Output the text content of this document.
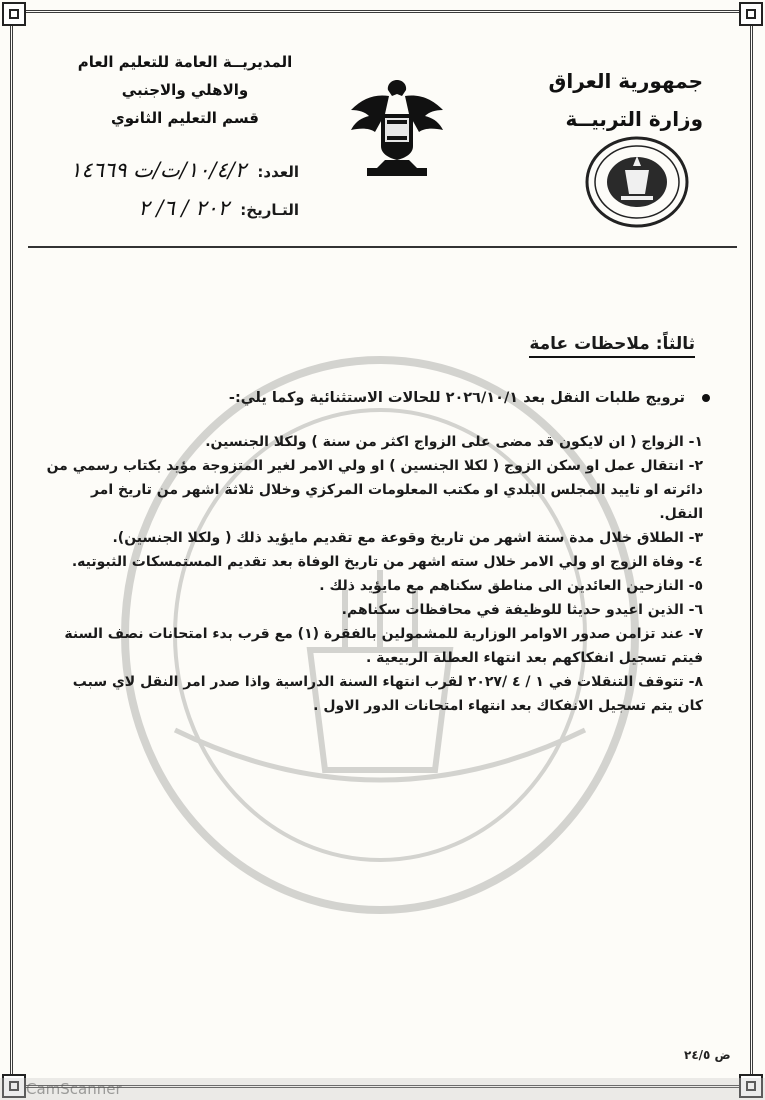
جمهورية العراق
وزارة التربيــة
المديريــة العامة للتعليم العام
والاهلي والاجنبي
قسم التعليم الثانوي
العدد: ١٠/٤/٢/ت/ت ١٤٦٦٩
التـاريخ: ٢٠٢ / ٦/ ٢
ثالثاً: ملاحظات عامة
ترويج طلبات النقل بعد ٢٠٢٦/١٠/١ للحالات الاستثنائية وكما يلي:-
١- الزواج ( ان لايكون قد مضى على الزواج اكثر من سنة ) ولكلا الجنسين.
٢- انتقال عمل او سكن الزوج ( لكلا الجنسين ) او ولي الامر لغير المتزوجة مؤيد بكتاب رسمي من دائرته او تاييد المجلس البلدي او مكتب المعلومات المركزي وخلال ثلاثة اشهر من تاريخ امر النقل.
٣- الطلاق خلال مدة ستة اشهر من تاريخ وقوعة مع تقديم مايؤيد ذلك ( ولكلا الجنسين).
٤- وفاة الزوج او ولي الامر خلال سته اشهر من تاريخ الوفاة بعد تقديم المستمسكات الثبوتيه.
٥- النازحين العائدين الى مناطق سكناهم مع مايؤيد ذلك .
٦- الذين اعيدو حديثا للوظيفة في محافظات سكناهم.
٧- عند تزامن صدور الاوامر الوزارية للمشمولين بالفقرة (١) مع قرب بدء امتحانات نصف السنة فيتم تسجيل انفكاكهم بعد انتهاء العطلة الربيعية .
٨- تتوقف التنقلات في ١ / ٤ /٢٠٢٧ لقرب انتهاء السنة الدراسية واذا صدر امر النقل لاي سبب كان يتم تسجيل الانفكاك بعد انتهاء امتحانات الدور الاول .
ض ٢٤/٥
CamScanner
